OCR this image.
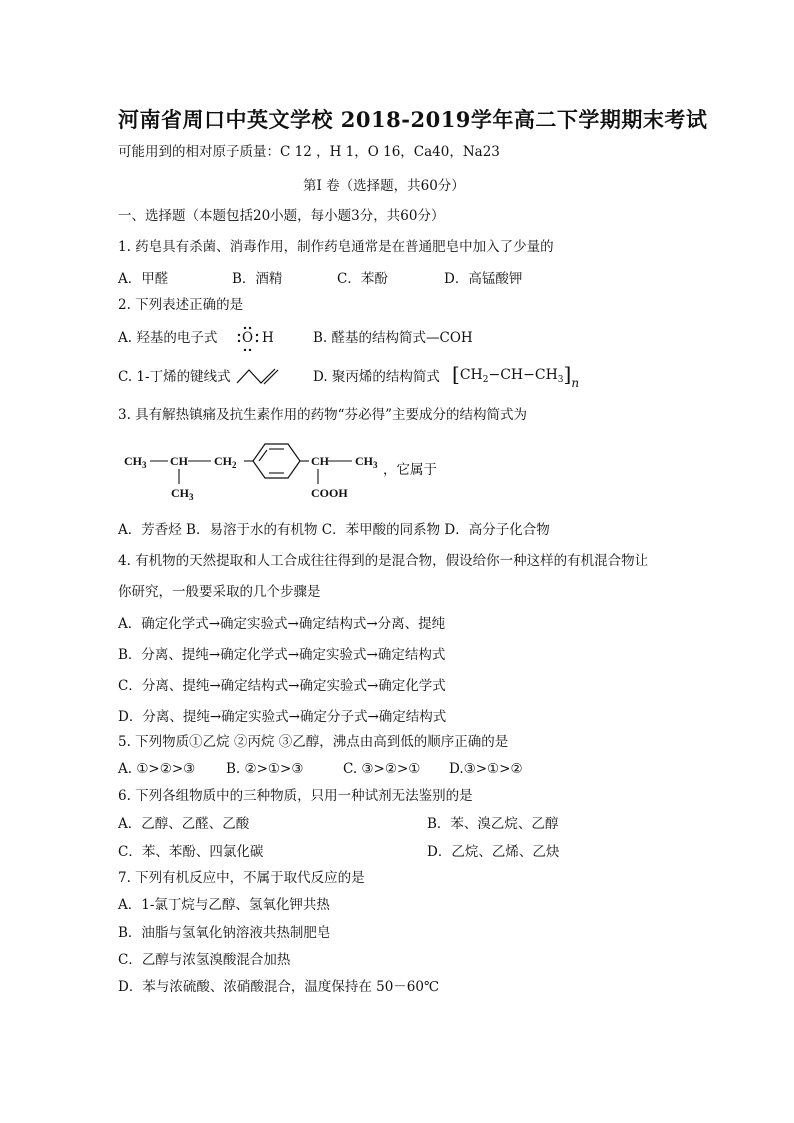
河南省周口中英文学校 2018-2019学年高二下学期期末考试
可能用到的相对原子质量：C 12 ，H 1，O 16，Ca40，Na23
第Ⅰ 卷（选择题，共60分）
一、选择题（本题包括20小题，每小题3分，共60分）
1. 药皂具有杀菌、消毒作用，制作药皂通常是在普通肥皂中加入了少量的
A．甲醛	B．酒精	C．苯酚	D．高锰酸钾
2. 下列表述正确的是
A. 羟基的电子式 O H	B. 醛基的结构简式—COH
C. 1-丁烯的键线式	D. 聚丙烯的结构简式 $[CH_2-CH-CH_3]n$
3. 具有解热镇痛及抗生素作用的药物“芬必得”主要成分的结构简式为
$CH_3$ CH $CH_2$
$CH_3$
CH $CH_3$
COOH
，它属于
A．芳香烃 B．易溶于水的有机物 C．苯甲酸的同系物 D．高分子化合物
4. 有机物的天然提取和人工合成往往得到的是混合物，假设给你一种这样的有机混合物让
你研究，一般要采取的几个步骤是
A．确定化学式→确定实验式→确定结构式→分离、提纯
B．分离、提纯→确定化学式→确定实验式→确定结构式
C．分离、提纯→确定结构式→确定实验式→确定化学式
D．分离、提纯→确定实验式→确定分子式→确定结构式
5. 下列物质①乙烷 ②丙烷 ③乙醇，沸点由高到低的顺序正确的是
A. ①>②>③ B. ②>①>③	C. ③>②>① D.③>①>②
6. 下列各组物质中的三种物质，只用一种试剂无法鉴别的是
A．乙醇、乙醛、乙酸	B．苯、溴乙烷、乙醇
C．苯、苯酚、四氯化碳	D．乙烷、乙烯、乙炔
7. 下列有机反应中，不属于取代反应的是
A．1-氯丁烷与乙醇、氢氧化钾共热
B．油脂与氢氧化钠溶液共热制肥皂
C．乙醇与浓氢溴酸混合加热
D．苯与浓硫酸、浓硝酸混合，温度保持在 50－60℃
